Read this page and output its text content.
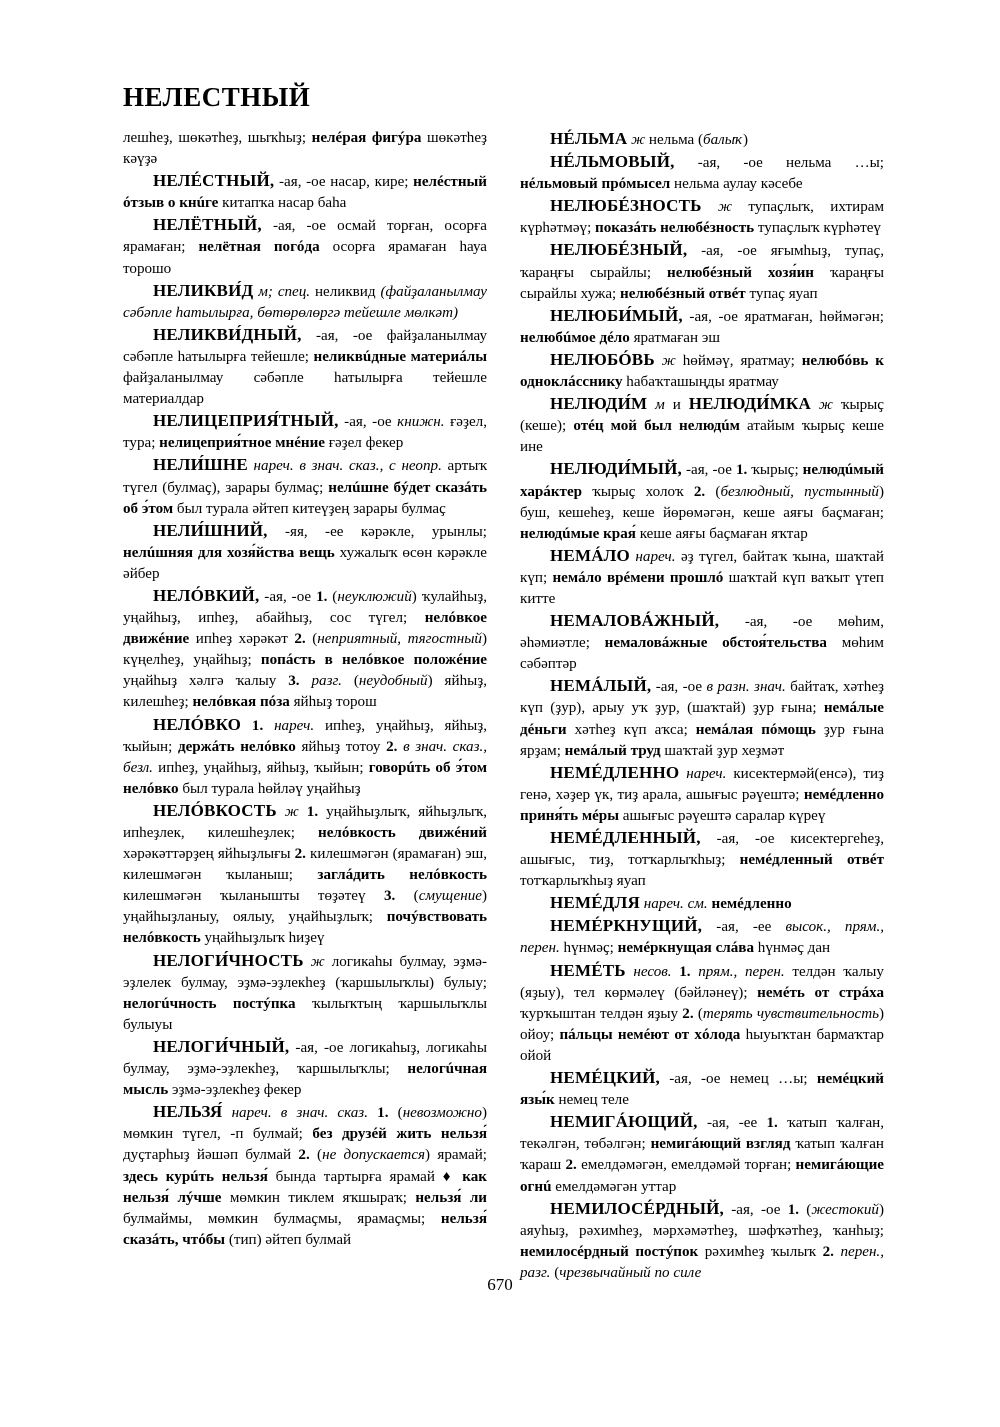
НЕЛЕСТНЫЙ

лешһеҙ, шөкәтһеҙ, шыҡһыҙ; нелépая фигýра шөкәтһеҙ кәүҙә

НЕЛÉСТНЫЙ, -ая, -ое насар, кире; нелéстный óтзыв о кнúге китапҡа насар баһа

НЕЛЁТНЫЙ, -ая, -ое осмай торған, осорға ярамаған; нелётная погóда осорға ярамаған һауа торошо

НЕЛИКВИ́Д м; спец. неликвид (файҙаланылмау сәбәпле һатылырға, бөтөрөлөргә тейешле мөлкәт)

НЕЛИКВИ́ДНЫЙ, -ая, -ое файҙаланылмау сәбәпле һатылырға тейешле; неликвúдные материáлы файҙаланылмау сәбәпле һатылырға тейешле материалдар

НЕЛИЦЕПРИЯ́ТНЫЙ, -ая, -ое книжн. ғәҙел, тура; нелицеприя́тное мнéние ғәҙел фекер

НЕЛИ́ШНЕ нареч. в знач. сказ., с неопр. артыҡ түгел (булмаҫ), зарары булмаҫ; нелúшне бýдет сказáть об э́том был турала әйтеп китеүҙең зарары булмаҫ

НЕЛИ́ШНИЙ, -яя, -ее кәрәкле, урынлы; нелúшняя для хозя́йства вещь хужалыҡ өсөн кәрәкле әйбер

НЕЛÓВКИЙ, -ая, -ое 1. (неуклюжий) ҡулайһыҙ, уңайһыҙ, ипһеҙ, абайһыҙ, сос түгел; нелóвкое движéние ипһеҙ хәрәкәт 2. (неприятный, тягостный) күңелһеҙ, уңайһыҙ; попáсть в нелóвкое положéние уңайһыҙ хәлгә ҡалыу 3. разг. (неудобный) яйһыҙ, килешһеҙ; нелóвкая пóза яйһыҙ торош

НЕЛÓВКО 1. нареч. ипһеҙ, уңайһыҙ, яйһыҙ, ҡыйын; держáть нелóвко яйһыҙ тотоу 2. в знач. сказ., безл. ипһеҙ, уңайһыҙ, яйһыҙ, ҡыйын; говорúть об э́том нелóвко был турала һөйләү уңайһыҙ

НЕЛÓВКОСТЬ ж 1. уңайһыҙлыҡ, яйһыҙлыҡ, ипһеҙлек, килешһеҙлек; нелóвкость движéний хәрәкәттәрҙең яйһыҙлығы 2. килешмәгән (ярамаған) эш, килешмәгән ҡыланыш; заглáдить нелóвкость килешмәгән ҡыланышты төҙәтеү 3. (смущение) уңайһыҙланыу, оялыу, уңайһыҙлыҡ; почýвствовать нелóвкость уңайһыҙлыҡ һиҙеү

НЕЛОГИ́ЧНОСТЬ ж логикаһы булмау, эҙмә-эҙлелек булмау, эҙмә-эҙлекһеҙ (ҡаршылыҡлы) булыу; нелогúчность постýпка ҡылыҡтың ҡаршылыҡлы булыуы

НЕЛОГИ́ЧНЫЙ, -ая, -ое логикаһыҙ, логикаһы булмау, эҙмә-эҙлекһеҙ, ҡаршылыҡлы; нелогúчная мысль эҙмә-эҙлекһеҙ фекер

НЕЛЬЗЯ́ нареч. в знач. сказ. 1. (невозможно) мөмкин түгел, -п булмай; без друзéй жить нельзя́ дуҫтарһыҙ йәшәп булмай 2. (не допускается) ярамай; здесь курúть нельзя́ бында тартырға ярамай ♦ как нельзя́ лýчше мөмкин тиклем яҡшыраҡ; нельзя́ ли булмаймы, мөмкин булмаҫмы, ярамаҫмы; нельзя́ сказáть, чтóбы (тип) әйтеп булмай

НÉЛЬМА ж нельма (балыҡ)

НÉЛЬМОВЫЙ, -ая, -ое нельма …ы; нéльмовый прóмысел нельма аулау кәсебе

НЕЛЮБÉЗНОСТЬ ж тупаҫлыҡ, ихтирам күрһәтмәү; показáть нелюбéзность тупаҫлыҡ күрһәтеү

НЕЛЮБÉЗНЫЙ, -ая, -ое яғымһыҙ, тупаҫ, ҡараңғы сырайлы; нелюбéзный хозя́ин ҡараңғы сырайлы хужа; нелюбéзный отвéт тупаҫ яуап

НЕЛЮБИ́МЫЙ, -ая, -ое яратмаған, һөймәгән; нелюбúмое дéло яратмаған эш

НЕЛЮБÓВЬ ж һөймәү, яратмау; нелюбóвь к одноклáсснику һабаҡташыңды яратмау

НЕЛЮДИ́М м и НЕЛЮДИ́МКА ж ҡырыҫ (кеше); отéц мой был нелюдúм атайым ҡырыҫ кеше ине

НЕЛЮДИ́МЫЙ, -ая, -ое 1. ҡырыҫ; нелюдúмый харáктер ҡырыҫ холоҡ 2. (безлюдный, пустынный) буш, кешеһеҙ, кеше йөрөмәгән, кеше аяғы баҫмаған; нелюдúмые края́ кеше аяғы баҫмаған яҡтар

НЕМÁЛО нареч. әҙ түгел, байтаҡ ҡына, шаҡтай күп; немáло врéмени прошлó шаҡтай күп ваҡыт үтеп китте

НЕМАЛОВÁЖНЫЙ, -ая, -ое мөһим, әһәмиәтле; немаловáжные обстоя́тельства мөһим сәбәптәр

НЕМÁЛЫЙ, -ая, -ое в разн. знач. байтаҡ, хәтһеҙ күп (ҙур), арыу уҡ ҙур, (шаҡтай) ҙур ғына; немáлые дéньги хәтһеҙ күп аҡса; немáлая пóмощь ҙур ғына ярҙам; немáлый труд шаҡтай ҙур хеҙмәт

НЕМÉДЛЕННО нареч. кисектермәй(енсә), тиҙ генә, хәҙер үк, тиҙ арала, ашығыс рәүештә; немéдленно приня́ть мéры ашығыс рәүештә саралар күреү

НЕМÉДЛЕННЫЙ, -ая, -ое кисектергеһеҙ, ашығыс, тиҙ, тотҡарлыҡһыҙ; немéдленный отвéт тотҡарлыҡһыҙ яуап

НЕМÉДЛЯ нареч. см. немéдленно

НЕМÉРКНУЩИЙ, -ая, -ее высок., прям., перен. һүнмәҫ; немéркнущая слáва һүнмәҫ дан

НЕМÉТЬ несов. 1. прям., перен. телдән ҡалыу (яҙыу), тел көрмәлеү (бәйләнеү); немéть от стрáха ҡурҡыштан телдән яҙыу 2. (терять чувствительность) ойоу; пáльцы немéют от хóлода һыуыҡтан бармаҡтар ойой

НЕМÉЦКИЙ, -ая, -ое немец …ы; немéцкий язы́к немец теле

НЕМИГÁЮЩИЙ, -ая, -ее 1. ҡатып ҡалған, текәлгән, төбәлгән; немигáющий взгляд ҡатып ҡалған ҡараш 2. емелдәмәгән, емелдәмәй торған; немигáющие огнú емелдәмәгән уттар

НЕМИЛОСÉРДНЫЙ, -ая, -ое 1. (жестокий) аяуһыҙ, рәхимһеҙ, мәрхәмәтһеҙ, шәфҡәтһеҙ, ҡанһыҙ; немилосéрдный постýпок рәхимһеҙ ҡылыҡ 2. перен., разг. (чрезвычайный по силе

670
